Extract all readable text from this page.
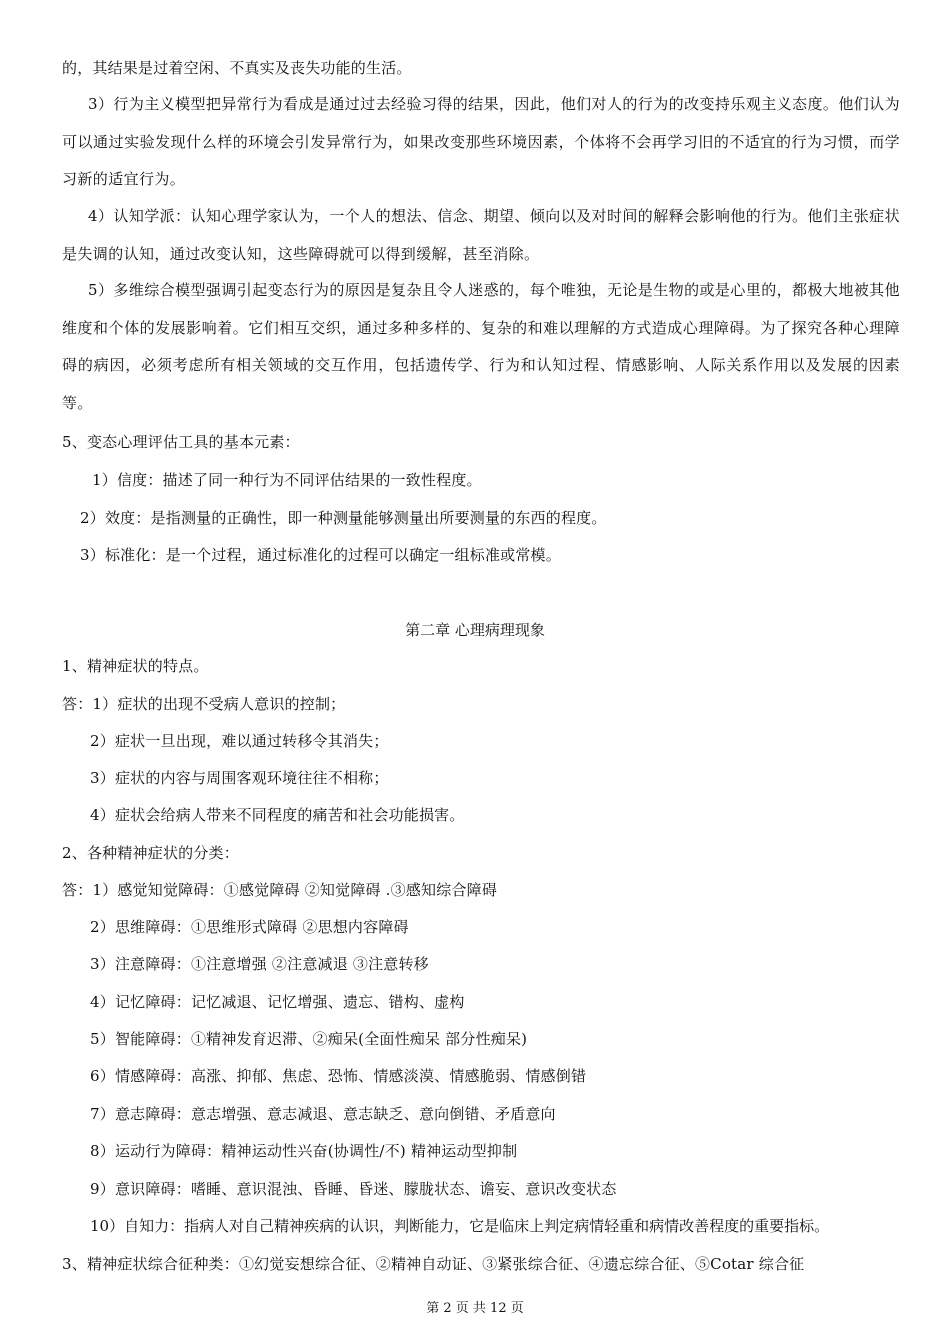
的，其结果是过着空闲、不真实及丧失功能的生活。
3）行为主义模型把异常行为看成是通过过去经验习得的结果，因此，他们对人的行为的改变持乐观主义态度。他们认为可以通过实验发现什么样的环境会引发异常行为，如果改变那些环境因素，个体将不会再学习旧的不适宜的行为习惯，而学习新的适宜行为。
4）认知学派：认知心理学家认为，一个人的想法、信念、期望、倾向以及对时间的解释会影响他的行为。他们主张症状是失调的认知，通过改变认知，这些障碍就可以得到缓解，甚至消除。
5）多维综合模型强调引起变态行为的原因是复杂且令人迷惑的，每个唯独，无论是生物的或是心里的，都极大地被其他维度和个体的发展影响着。它们相互交织，通过多种多样的、复杂的和难以理解的方式造成心理障碍。为了探究各种心理障碍的病因，必须考虑所有相关领域的交互作用，包括遗传学、行为和认知过程、情感影响、人际关系作用以及发展的因素等。
5、变态心理评估工具的基本元素：
1）信度：描述了同一种行为不同评估结果的一致性程度。
2）效度：是指测量的正确性，即一种测量能够测量出所要测量的东西的程度。
3）标准化：是一个过程，通过标准化的过程可以确定一组标准或常模。
第二章 心理病理现象
1、精神症状的特点。
答：1）症状的出现不受病人意识的控制；
2）症状一旦出现，难以通过转移令其消失；
3）症状的内容与周围客观环境往往不相称；
4）症状会给病人带来不同程度的痛苦和社会功能损害。
2、各种精神症状的分类：
答：1）感觉知觉障碍：①感觉障碍 ②知觉障碍 .③感知综合障碍
2）思维障碍：①思维形式障碍 ②思想内容障碍
3）注意障碍：①注意增强 ②注意减退 ③注意转移
4）记忆障碍：记忆减退、记忆增强、遗忘、错构、虚构
5）智能障碍：①精神发育迟滞、②痴呆(全面性痴呆 部分性痴呆)
6）情感障碍：高涨、抑郁、焦虑、恐怖、情感淡漠、情感脆弱、情感倒错
7）意志障碍：意志增强、意志减退、意志缺乏、意向倒错、矛盾意向
8）运动行为障碍：精神运动性兴奋(协调性/不) 精神运动型抑制
9）意识障碍：嗜睡、意识混浊、昏睡、昏迷、朦胧状态、谵妄、意识改变状态
10）自知力：指病人对自己精神疾病的认识，判断能力，它是临床上判定病情轻重和病情改善程度的重要指标。
3、精神症状综合征种类：①幻觉妄想综合征、②精神自动证、③紧张综合征、④遗忘综合征、⑤Cotar 综合征
第 2 页 共 12 页
